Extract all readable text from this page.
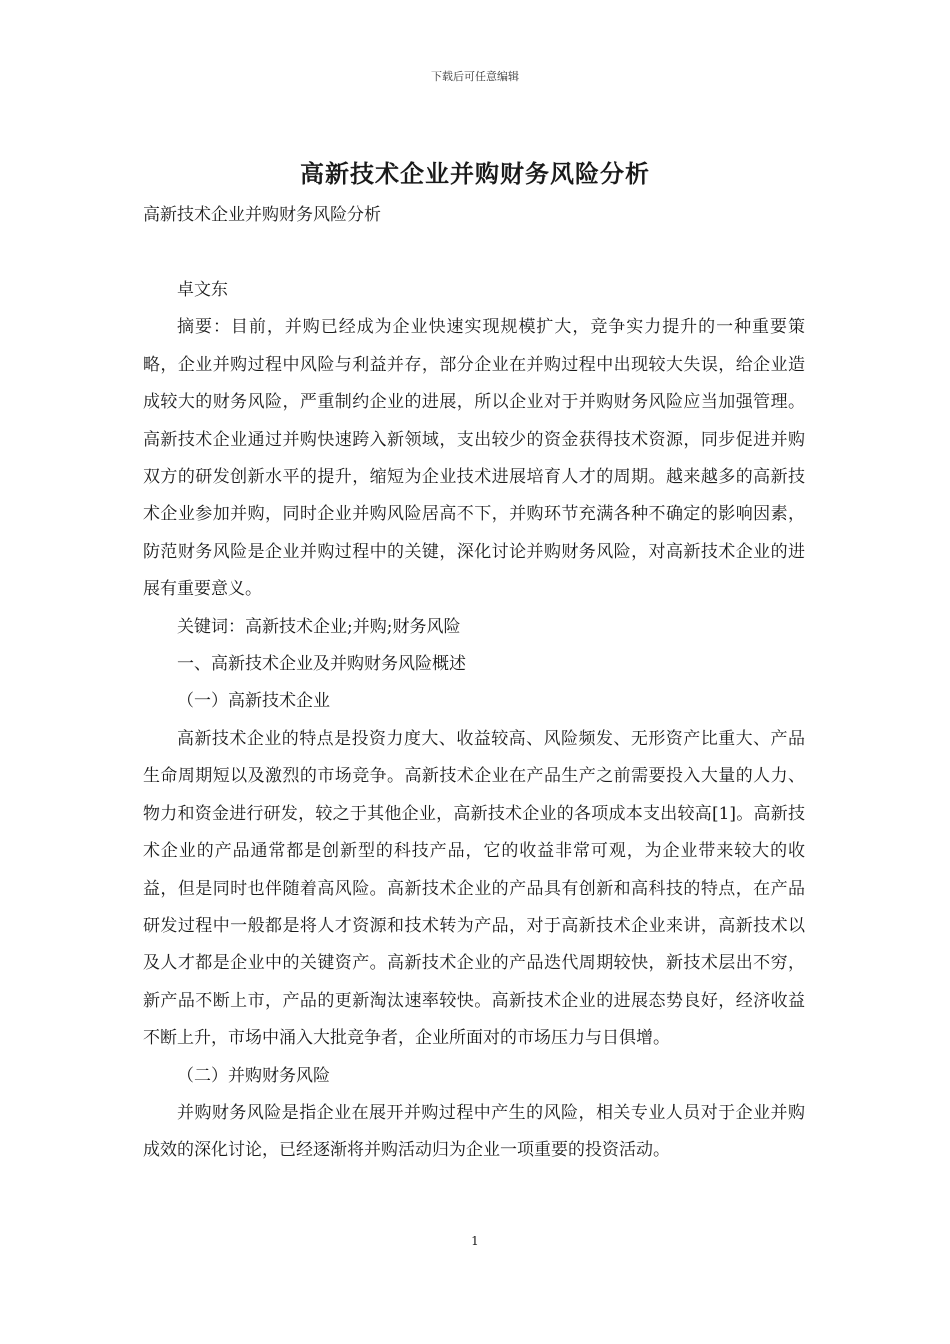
下载后可任意编辑
高新技术企业并购财务风险分析
高新技术企业并购财务风险分析

卓文东

摘要：目前，并购已经成为企业快速实现规模扩大，竞争实力提升的一种重要策略，企业并购过程中风险与利益并存，部分企业在并购过程中出现较大失误，给企业造成较大的财务风险，严重制约企业的进展，所以企业对于并购财务风险应当加强管理。高新技术企业通过并购快速跨入新领域，支出较少的资金获得技术资源，同步促进并购双方的研发创新水平的提升，缩短为企业技术进展培育人才的周期。越来越多的高新技术企业参加并购，同时企业并购风险居高不下，并购环节充满各种不确定的影响因素，防范财务风险是企业并购过程中的关键，深化讨论并购财务风险，对高新技术企业的进展有重要意义。

关键词：高新技术企业;并购;财务风险

一、高新技术企业及并购财务风险概述

（一）高新技术企业

高新技术企业的特点是投资力度大、收益较高、风险频发、无形资产比重大、产品生命周期短以及激烈的市场竞争。高新技术企业在产品生产之前需要投入大量的人力、物力和资金进行研发，较之于其他企业，高新技术企业的各项成本支出较高[1]。高新技术企业的产品通常都是创新型的科技产品，它的收益非常可观，为企业带来较大的收益，但是同时也伴随着高风险。高新技术企业的产品具有创新和高科技的特点，在产品研发过程中一般都是将人才资源和技术转为产品，对于高新技术企业来讲，高新技术以及人才都是企业中的关键资产。高新技术企业的产品迭代周期较快，新技术层出不穷，新产品不断上市，产品的更新淘汰速率较快。高新技术企业的进展态势良好，经济收益不断上升，市场中涌入大批竞争者，企业所面对的市场压力与日俱增。

（二）并购财务风险

并购财务风险是指企业在展开并购过程中产生的风险，相关专业人员对于企业并购成效的深化讨论，已经逐渐将并购活动归为企业一项重要的投资活动。

1
